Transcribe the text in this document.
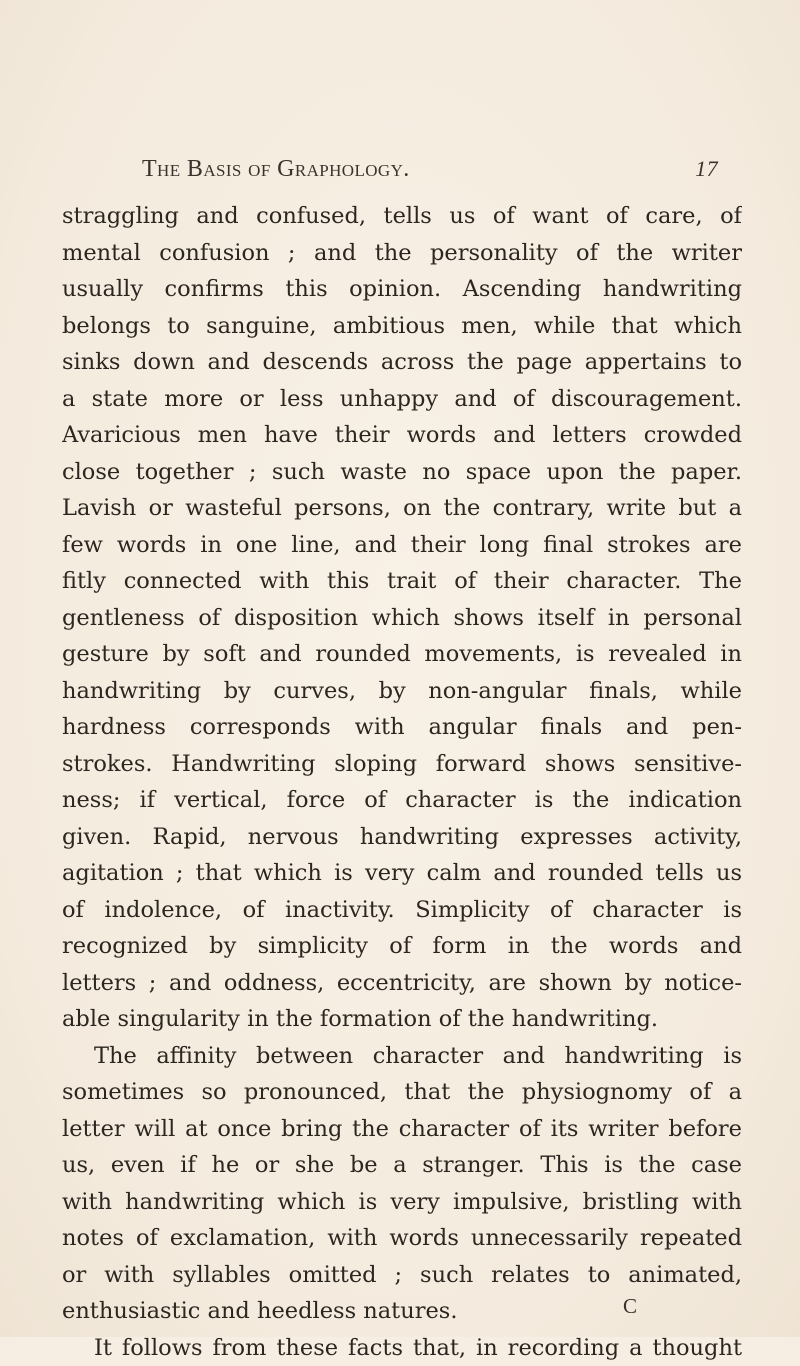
The Basis of Graphology.	17
straggling and confused, tells us of want of care, of
mental confusion ; and the personality of the writer
usually confirms this opinion. Ascending handwriting
belongs to sanguine, ambitious men, while that which
sinks down and descends across the page appertains to
a state more or less unhappy and of discouragement.
Avaricious men have their words and letters crowded
close together ; such waste no space upon the paper.
Lavish or wasteful persons, on the contrary, write but a
few words in one line, and their long final strokes are
fitly connected with this trait of their character. The
gentleness of disposition which shows itself in personal
gesture by soft and rounded movements, is revealed in
handwriting by curves, by non-angular finals, while
hardness corresponds with angular finals and pen-
strokes. Handwriting sloping forward shows sensitive-
ness; if vertical, force of character is the indication
given. Rapid, nervous handwriting expresses activity,
agitation ; that which is very calm and rounded tells us
of indolence, of inactivity. Simplicity of character is
recognized by simplicity of form in the words and
letters ; and oddness, eccentricity, are shown by notice-
able singularity in the formation of the handwriting.
The affinity between character and handwriting is
sometimes so pronounced, that the physiognomy of a
letter will at once bring the character of its writer before
us, even if he or she be a stranger. This is the case
with handwriting which is very impulsive, bristling with
notes of exclamation, with words unnecessarily repeated
or with syllables omitted ; such relates to animated,
enthusiastic and heedless natures.
It follows from these facts that, in recording a thought
C
